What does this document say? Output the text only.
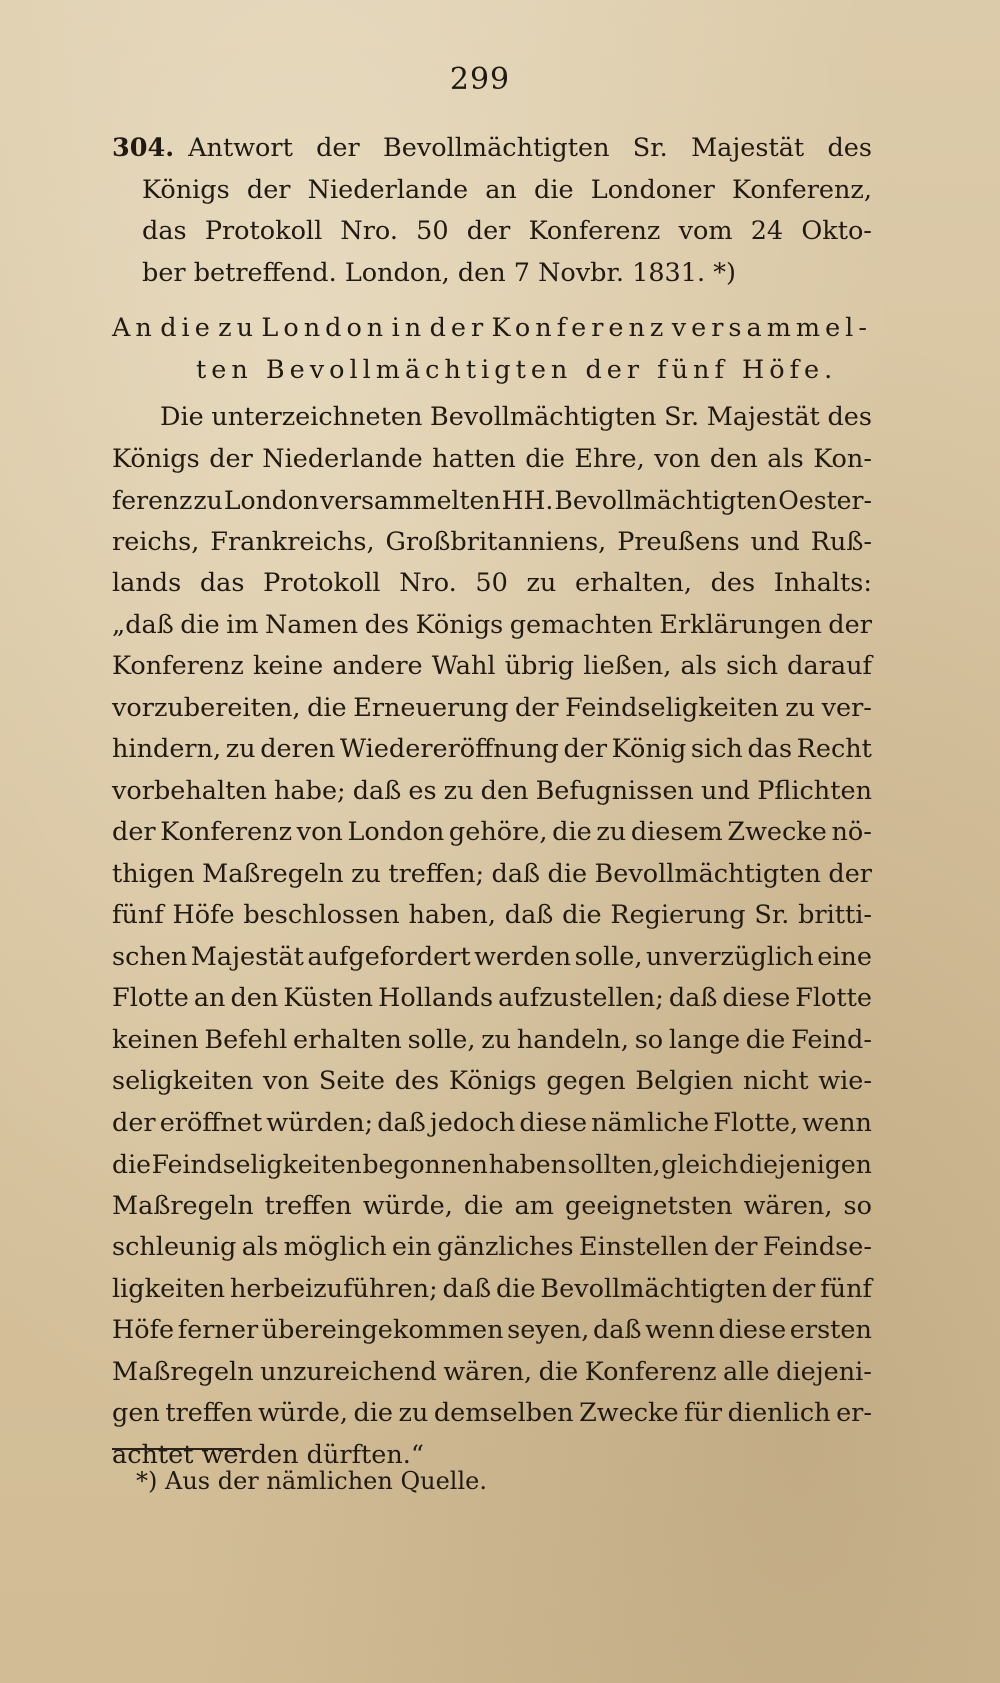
299
304. Antwort der Bevollmächtigten Sr. Majestät des
Königs der Niederlande an die Londoner Konferenz,
das Protokoll Nro. 50 der Konferenz vom 24 Okto-
ber betreffend. London, den 7 Novbr. 1831. *)
An die zu London in der Konferenz versammel-
ten Bevollmächtigten der fünf Höfe.
Die unterzeichneten Bevollmächtigten Sr. Majestät des
Königs der Niederlande hatten die Ehre, von den als Kon-
ferenz zu London versammelten HH. Bevollmächtigten Oester-
reichs, Frankreichs, Großbritanniens, Preußens und Ruß-
lands das Protokoll Nro. 50 zu erhalten, des Inhalts:
„daß die im Namen des Königs gemachten Erklärungen der
Konferenz keine andere Wahl übrig ließen, als sich darauf
vorzubereiten, die Erneuerung der Feindseligkeiten zu ver-
hindern, zu deren Wiedereröffnung der König sich das Recht
vorbehalten habe; daß es zu den Befugnissen und Pflichten
der Konferenz von London gehöre, die zu diesem Zwecke nö-
thigen Maßregeln zu treffen; daß die Bevollmächtigten der
fünf Höfe beschlossen haben, daß die Regierung Sr. britti-
schen Majestät aufgefordert werden solle, unverzüglich eine
Flotte an den Küsten Hollands aufzustellen; daß diese Flotte
keinen Befehl erhalten solle, zu handeln, so lange die Feind-
seligkeiten von Seite des Königs gegen Belgien nicht wie-
der eröffnet würden; daß jedoch diese nämliche Flotte, wenn
die Feindseligkeiten begonnen haben sollten, gleich diejenigen
Maßregeln treffen würde, die am geeignetsten wären, so
schleunig als möglich ein gänzliches Einstellen der Feindse-
ligkeiten herbeizuführen; daß die Bevollmächtigten der fünf
Höfe ferner übereingekommen seyen, daß wenn diese ersten
Maßregeln unzureichend wären, die Konferenz alle diejeni-
gen treffen würde, die zu demselben Zwecke für dienlich er-
achtet werden dürften.“
*) Aus der nämlichen Quelle.
